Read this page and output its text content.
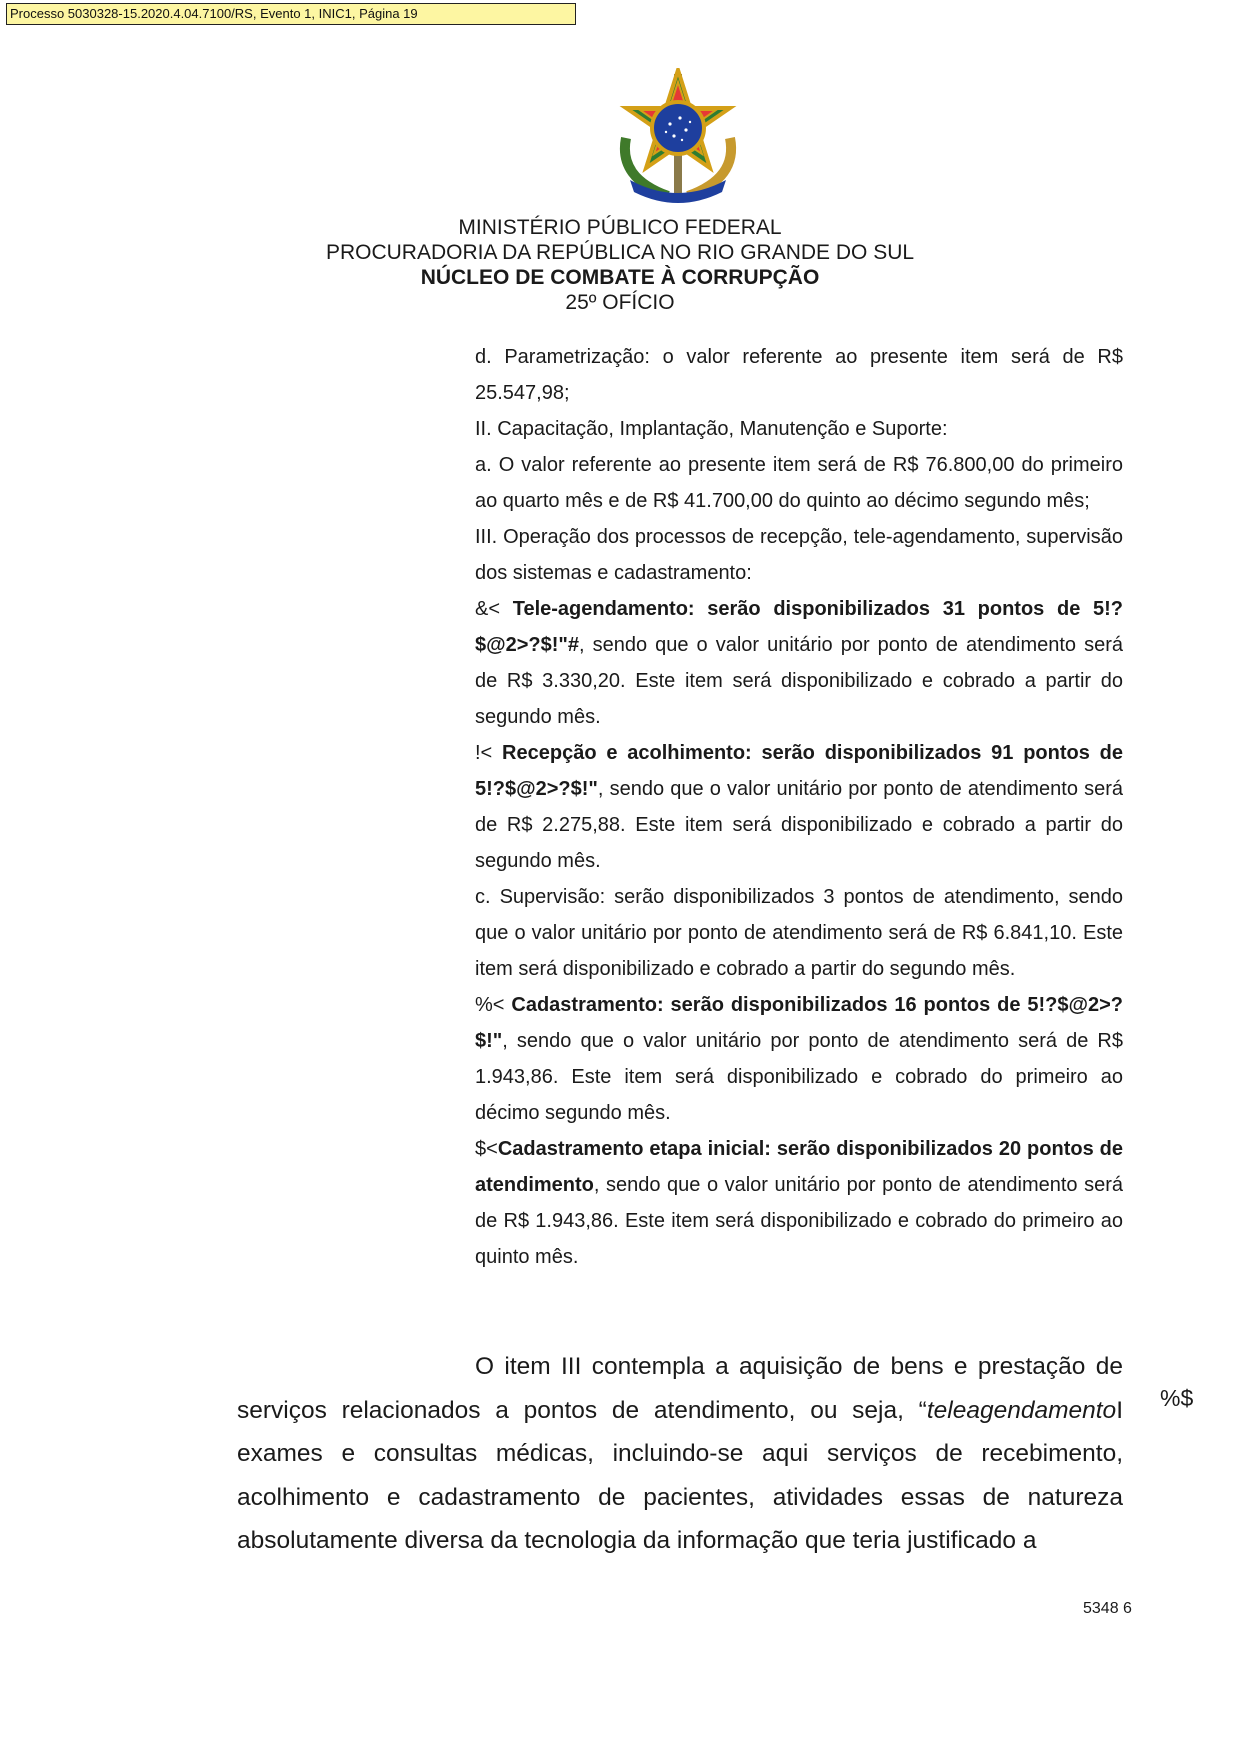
Processo 5030328-15.2020.4.04.7100/RS, Evento 1, INIC1, Página 19
MINISTÉRIO PÚBLICO FEDERAL
PROCURADORIA DA REPÚBLICA NO RIO GRANDE DO SUL
NÚCLEO DE COMBATE À CORRUPÇÃO
25º OFÍCIO

d. Parametrização: o valor referente ao presente item será de R$ 25.547,98;

II. Capacitação, Implantação, Manutenção e Suporte:

a. O valor referente ao presente item será de R$ 76.800,00 do primeiro ao quarto mês e de R$ 41.700,00 do quinto ao décimo segundo mês;

III. Operação dos processos de recepção, tele-agendamento, supervisão dos sistemas e cadastramento:

&< Tele-agendamento: serão disponibilizados 31 pontos de 5!?$@2>?$!"#, sendo que o valor unitário por ponto de atendimento será de R$ 3.330,20. Este item será disponibilizado e cobrado a partir do segundo mês.

!< Recepção e acolhimento: serão disponibilizados 91 pontos de 5!?$@2>?$!", sendo que o valor unitário por ponto de atendimento será de R$ 2.275,88. Este item será disponibilizado e cobrado a partir do segundo mês.

c. Supervisão: serão disponibilizados 3 pontos de atendimento, sendo que o valor unitário por ponto de atendimento será de R$ 6.841,10. Este item será disponibilizado e cobrado a partir do segundo mês.

%< Cadastramento: serão disponibilizados 16 pontos de 5!?$@2>?$!", sendo que o valor unitário por ponto de atendimento será de R$ 1.943,86. Este item será disponibilizado e cobrado do primeiro ao décimo segundo mês.

$<Cadastramento etapa inicial: serão disponibilizados 20 pontos de atendimento, sendo que o valor unitário por ponto de atendimento será de R$ 1.943,86. Este item será disponibilizado e cobrado do primeiro ao quinto mês.

O item III contempla a aquisição de bens e prestação de serviços relacionados a pontos de atendimento, ou seja, “teleagendamentoI exames e consultas médicas, incluindo-se aqui serviços de recebimento, acolhimento e cadastramento de pacientes, atividades essas de natureza absolutamente diversa da tecnologia da informação que teria justificado a

%$
5348 6
